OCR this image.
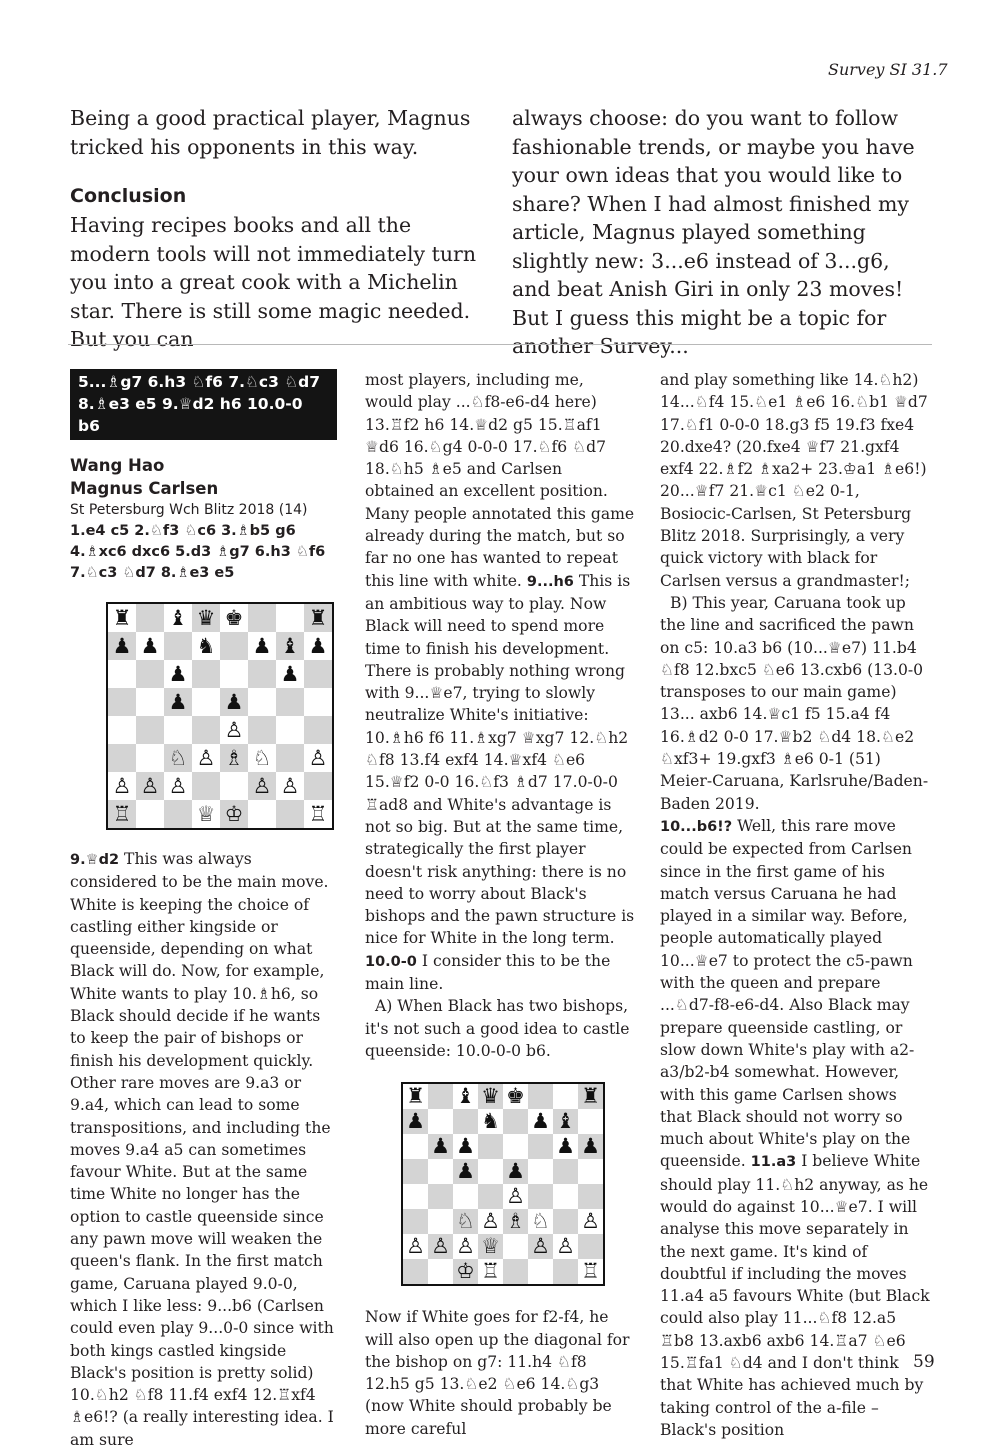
Survey SI 31.7

Being a good practical player, Magnus tricked his opponents in this way.

Conclusion

Having recipes books and all the modern tools will not immediately turn you into a great cook with a Michelin star. There is still some magic needed. But you can

always choose: do you want to follow fashionable trends, or maybe you have your own ideas that you would like to share? When I had almost finished my article, Magnus played something slightly new: 3...e6 instead of 3...g6, and beat Anish Giri in only 23 moves! But I guess this might be a topic for another Survey...

5...♗g7 6.h3 ♘f6 7.♘c3 ♘d7
8.♗e3 e5 9.♕d2 h6 10.0-0 b6
Wang Hao
Magnus Carlsen
St Petersburg Wch Blitz 2018 (14)
1.e4 c5 2.♘f3 ♘c6 3.♗b5 g6 4.♗xc6 dxc6 5.d3 ♗g7 6.h3 ♘f6 7.♘c3 ♘d7 8.♗e3 e5
♜ ♝ ♛ ♚	♜
♟ ♟ ♞ ♟ ♝ ♟
♟	♟
♟ ♟
♙
♘ ♙ ♗ ♘ ♙
♙ ♙ ♙	♙ ♙
♖	♕ ♔	♖

9.♕d2 This was always considered to be the main move. White is keeping the choice of castling either kingside or queenside, depending on what Black will do. Now, for example, White wants to play 10.♗h6, so Black should decide if he wants to keep the pair of bishops or finish his development quickly. Other rare moves are 9.a3 or 9.a4, which can lead to some transpositions, and including the moves 9.a4 a5 can sometimes favour White. But at the same time White no longer has the option to castle queenside since any pawn move will weaken the queen's flank. In the first match game, Caruana played 9.0-0, which I like less: 9...b6 (Carlsen could even play 9...0-0 since with both kings castled kingside Black's position is pretty solid) 10.♘h2 ♘f8 11.f4 exf4 12.♖xf4 ♗e6!? (a really interesting idea. I am sure

most players, including me, would play ...♘f8-e6-d4 here) 13.♖f2 h6 14.♕d2 g5 15.♖af1 ♕d6 16.♘g4 0-0-0 17.♘f6 ♘d7 18.♘h5 ♗e5 and Carlsen obtained an excellent position. Many people annotated this game already during the match, but so far no one has wanted to repeat this line with white. 9...h6 This is an ambitious way to play. Now Black will need to spend more time to finish his development. There is probably nothing wrong with 9...♕e7, trying to slowly neutralize White's initiative: 10.♗h6 f6 11.♗xg7 ♕xg7 12.♘h2 ♘f8 13.f4 exf4 14.♕xf4 ♘e6 15.♕f2 0-0 16.♘f3 ♗d7 17.0-0-0 ♖ad8 and White's advantage is not so big. But at the same time, strategically the first player doesn't risk anything: there is no need to worry about Black's bishops and the pawn structure is nice for White in the long term. 10.0-0 I consider this to be the main line.

A) When Black has two bishops, it's not such a good idea to castle queenside: 10.0-0-0 b6.

♜ ♝ ♛ ♚	♜
♟	♞ ♟ ♝
♟ ♟	♟ ♟
♟ ♟
♙
♘ ♙ ♗ ♘ ♙
♙ ♙ ♙ ♕ ♙ ♙
♔ ♖	♖

Now if White goes for f2-f4, he will also open up the diagonal for the bishop on g7: 11.h4 ♘f8 12.h5 g5 13.♘e2 ♘e6 14.♘g3 (now White should probably be more careful

and play something like 14.♘h2) 14...♘f4 15.♘e1 ♗e6 16.♘b1 ♕d7 17.♘f1 0-0-0 18.g3 f5 19.f3 fxe4 20.dxe4? (20.fxe4 ♕f7 21.gxf4 exf4 22.♗f2 ♗xa2+ 23.♔a1 ♗e6!) 20...♕f7 21.♕c1 ♘e2 0-1, Bosiocic-Carlsen, St Petersburg Blitz 2018. Surprisingly, a very quick victory with black for Carlsen versus a grandmaster!;

B) This year, Caruana took up the line and sacrificed the pawn on c5: 10.a3 b6 (10...♕e7) 11.b4 ♘f8 12.bxc5 ♘e6 13.cxb6 (13.0-0 transposes to our main game) 13... axb6 14.♕c1 f5 15.a4 f4 16.♗d2 0-0 17.♕b2 ♘d4 18.♘e2 ♘xf3+ 19.gxf3 ♗e6 0-1 (51) Meier-Caruana, Karlsruhe/Baden-Baden 2019.

10...b6!? Well, this rare move could be expected from Carlsen since in the first game of his match versus Caruana he had played in a similar way. Before, people automatically played 10...♕e7 to protect the c5-pawn with the queen and prepare ...♘d7-f8-e6-d4. Also Black may prepare queenside castling, or slow down White's play with a2-a3/b2-b4 somewhat. However, with this game Carlsen shows that Black should not worry so much about White's play on the queenside. 11.a3 I believe White should play 11.♘h2 anyway, as he would do against 10...♕e7. I will analyse this move separately in the next game. It's kind of doubtful if including the moves 11.a4 a5 favours White (but Black could also play 11...♘f8 12.a5 ♖b8 13.axb6 axb6 14.♖a7 ♘e6 15.♖fa1 ♘d4 and I don't think that White has achieved much by taking control of the a-file – Black's position

59
